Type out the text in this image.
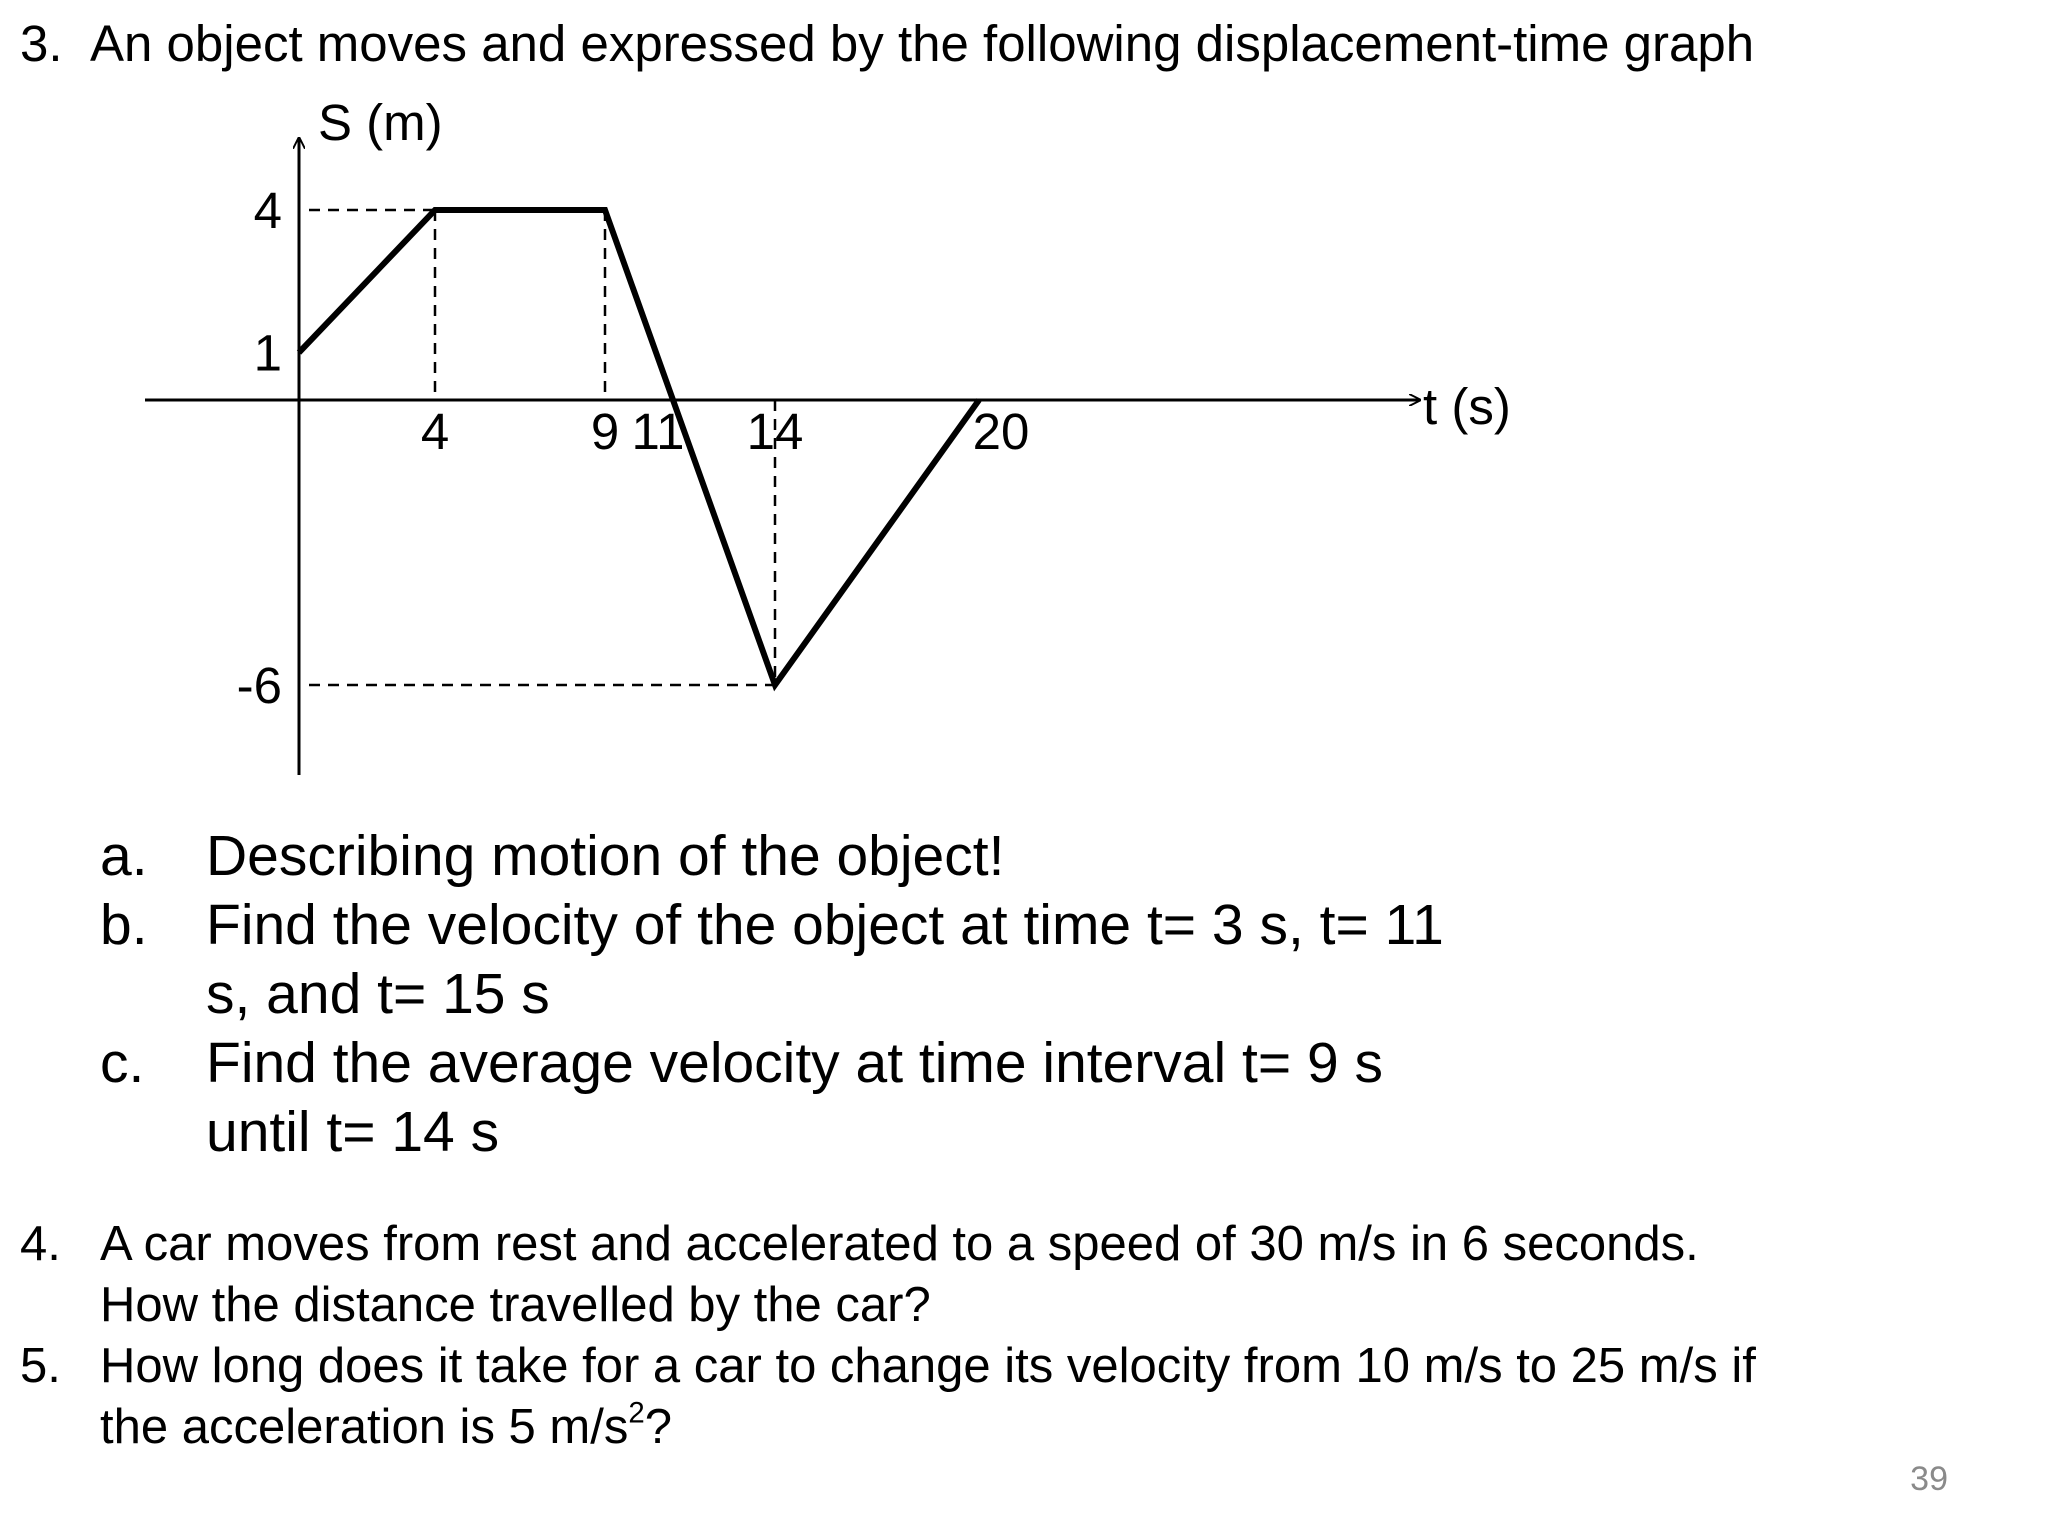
3. An object moves and expressed by the following displacement-time graph
S (m)
t (s)
4	9 11 14	20
4
1
-6
a. Describing motion of the object!
b. Find the velocity of the object at time t= 3 s, t= 11
s, and t= 15 s
c. Find the average velocity at time interval t= 9 s
until t= 14 s
4. A car moves from rest and accelerated to a speed of 30 m/s in 6 seconds.
How the distance travelled by the car?
5. How long does it take for a car to change its velocity from 10 m/s to 25 m/s if
the acceleration is 5 $m/s^2$?
39
